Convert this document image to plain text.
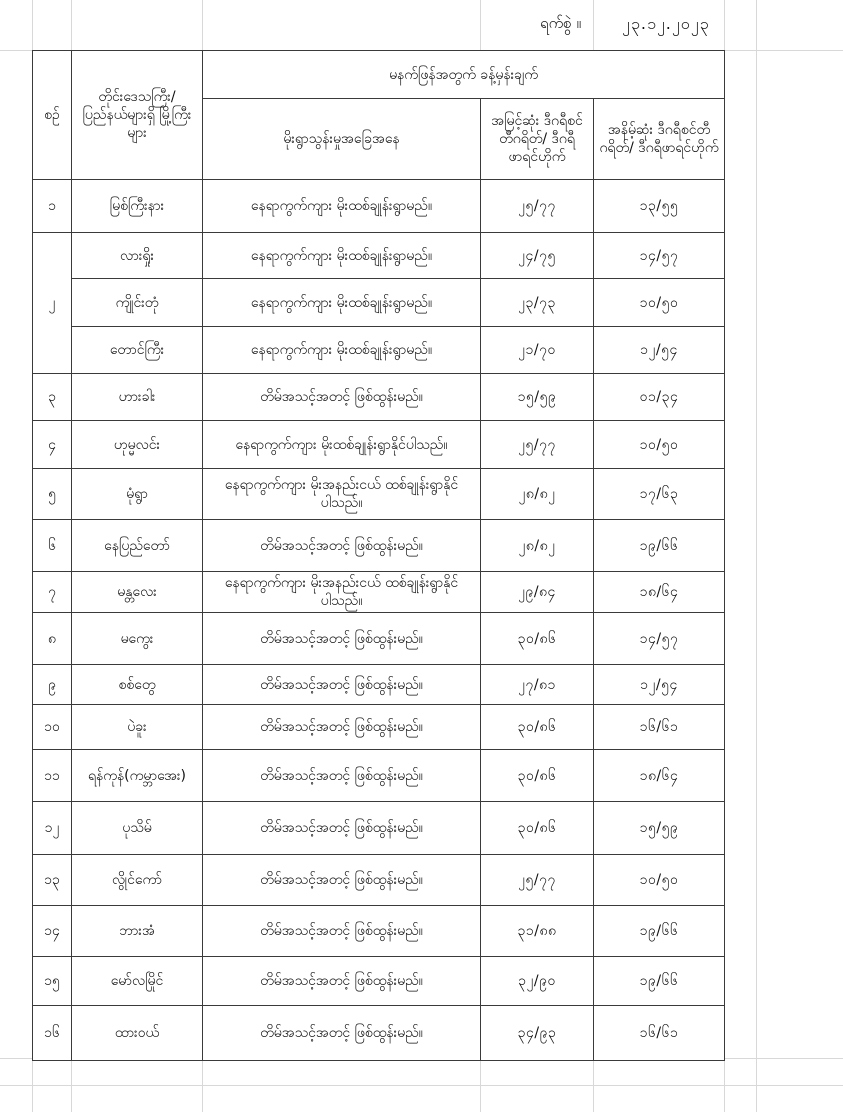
ရက်စွဲ ။	၂၃.၁၂.၂၀၂၃
စဉ်	တိုင်းဒေသကြီး/ ပြည်နယ်များရှိ မြို့ကြီးများ	မနက်ဖြန်အတွက် ခန့်မှန်းချက်		
		မိုးရွာသွန်းမှုအခြေအနေ	အမြင့်ဆုံး ဒီဂရီစင်တီဂရိတ်/ ဒီဂရီဖာရင်ဟိုက်	အနိမ့်ဆုံး ဒီဂရီစင်တီဂရိတ်/ ဒီဂရီဖာရင်ဟိုက်
၁	မြစ်ကြီးနား	နေရာကွက်ကျား မိုးထစ်ချုန်းရွာမည်။	၂၅/၇၇	၁၃/၅၅
၂	လားရှိုး	နေရာကွက်ကျား မိုးထစ်ချုန်းရွာမည်။	၂၄/၇၅	၁၄/၅၇
	ကျိုင်းတုံ	နေရာကွက်ကျား မိုးထစ်ချုန်းရွာမည်။	၂၃/၇၃	၁၀/၅၀
	တောင်ကြီး	နေရာကွက်ကျား မိုးထစ်ချုန်းရွာမည်။	၂၁/၇၀	၁၂/၅၄
၃	ဟားခါး	တိမ်အသင့်အတင့် ဖြစ်ထွန်းမည်။	၁၅/၅၉	၀၁/၃၄
၄	ဟုမ္မလင်း	နေရာကွက်ကျား မိုးထစ်ချုန်းရွာနိုင်ပါသည်။	၂၅/၇၇	၁၀/၅၀
၅	မုံရွာ	နေရာကွက်ကျား မိုးအနည်းငယ် ထစ်ချုန်းရွာနိုင်ပါသည်။	၂၈/၈၂	၁၇/၆၃
၆	နေပြည်တော်	တိမ်အသင့်အတင့် ဖြစ်ထွန်းမည်။	၂၈/၈၂	၁၉/၆၆
၇	မန္တလေး	နေရာကွက်ကျား မိုးအနည်းငယ် ထစ်ချုန်းရွာနိုင်ပါသည်။	၂၉/၈၄	၁၈/၆၄
၈	မကွေး	တိမ်အသင့်အတင့် ဖြစ်ထွန်းမည်။	၃၀/၈၆	၁၄/၅၇
၉	စစ်တွေ	တိမ်အသင့်အတင့် ဖြစ်ထွန်းမည်။	၂၇/၈၁	၁၂/၅၄
၁၀	ပဲခူး	တိမ်အသင့်အတင့် ဖြစ်ထွန်းမည်။	၃၀/၈၆	၁၆/၆၁
၁၁	ရန်ကုန်(ကမ္ဘာအေး)	တိမ်အသင့်အတင့် ဖြစ်ထွန်းမည်။	၃၀/၈၆	၁၈/၆၄
၁၂	ပုသိမ်	တိမ်အသင့်အတင့် ဖြစ်ထွန်းမည်။	၃၀/၈၆	၁၅/၅၉
၁၃	လွိုင်ကော်	တိမ်အသင့်အတင့် ဖြစ်ထွန်းမည်။	၂၅/၇၇	၁၀/၅၀
၁၄	ဘားအံ	တိမ်အသင့်အတင့် ဖြစ်ထွန်းမည်။	၃၁/၈၈	၁၉/၆၆
၁၅	မော်လမြိုင်	တိမ်အသင့်အတင့် ဖြစ်ထွန်းမည်။	၃၂/၉၀	၁၉/၆၆
၁၆	ထားဝယ်	တိမ်အသင့်အတင့် ဖြစ်ထွန်းမည်။	၃၄/၉၃	၁၆/၆၁
